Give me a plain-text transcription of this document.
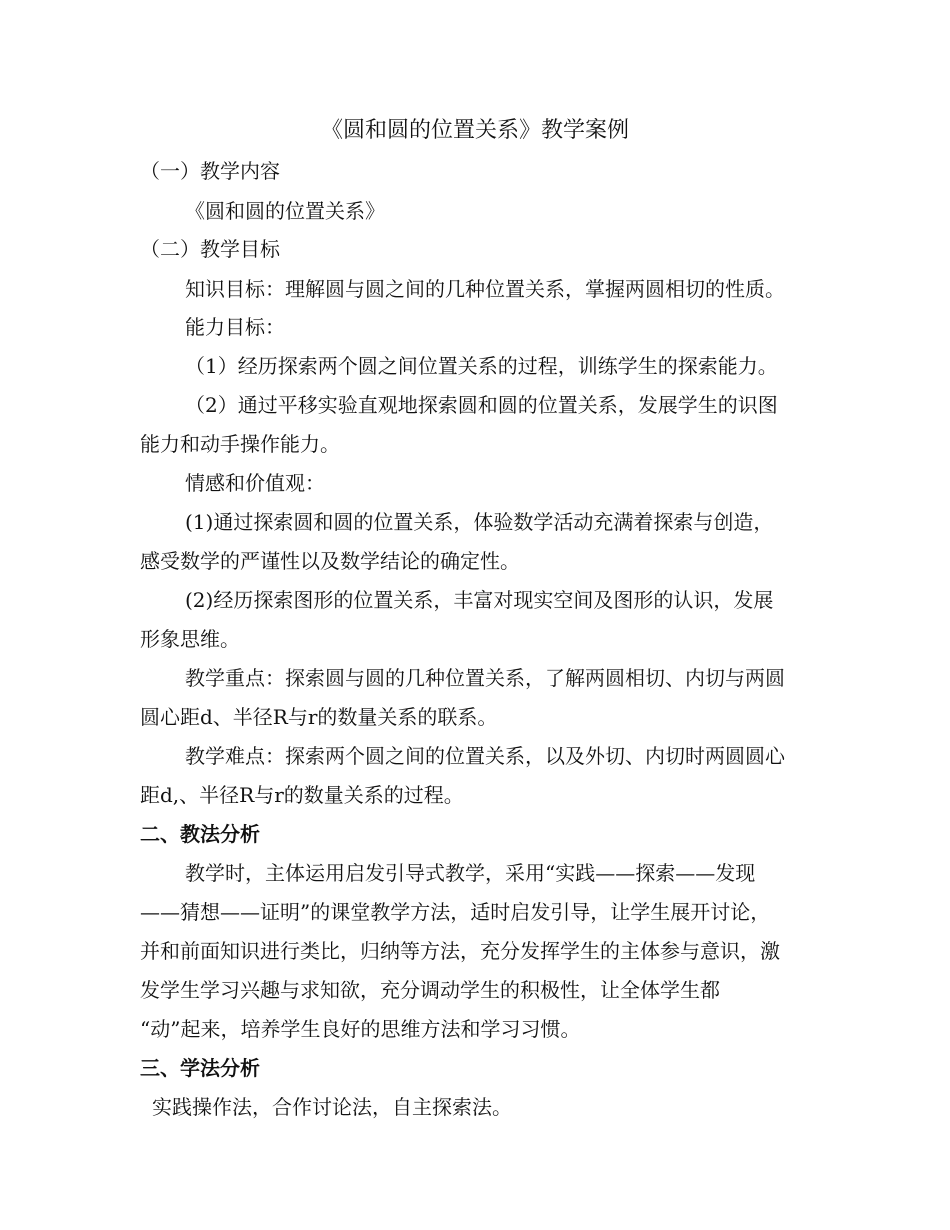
《圆和圆的位置关系》教学案例
（一）教学内容
《圆和圆的位置关系》
（二）教学目标
知识目标：理解圆与圆之间的几种位置关系，掌握两圆相切的性质。
能力目标：
（1）经历探索两个圆之间位置关系的过程，训练学生的探索能力。
（2）通过平移实验直观地探索圆和圆的位置关系，发展学生的识图
能力和动手操作能力。
情感和价值观：
(1)通过探索圆和圆的位置关系，体验数学活动充满着探索与创造，
感受数学的严谨性以及数学结论的确定性。
(2)经历探索图形的位置关系，丰富对现实空间及图形的认识，发展
形象思维。
教学重点：探索圆与圆的几种位置关系，了解两圆相切、内切与两圆
圆心距d、半径R与r的数量关系的联系。
教学难点：探索两个圆之间的位置关系，以及外切、内切时两圆圆心
距d,、半径R与r的数量关系的过程。
二、教法分析
教学时，主体运用启发引导式教学，采用“实践——探索——发现
——猜想——证明”的课堂教学方法，适时启发引导，让学生展开讨论，
并和前面知识进行类比，归纳等方法，充分发挥学生的主体参与意识，激
发学生学习兴趣与求知欲，充分调动学生的积极性，让全体学生都
“动”起来，培养学生良好的思维方法和学习习惯。
三、学法分析
实践操作法，合作讨论法，自主探索法。
